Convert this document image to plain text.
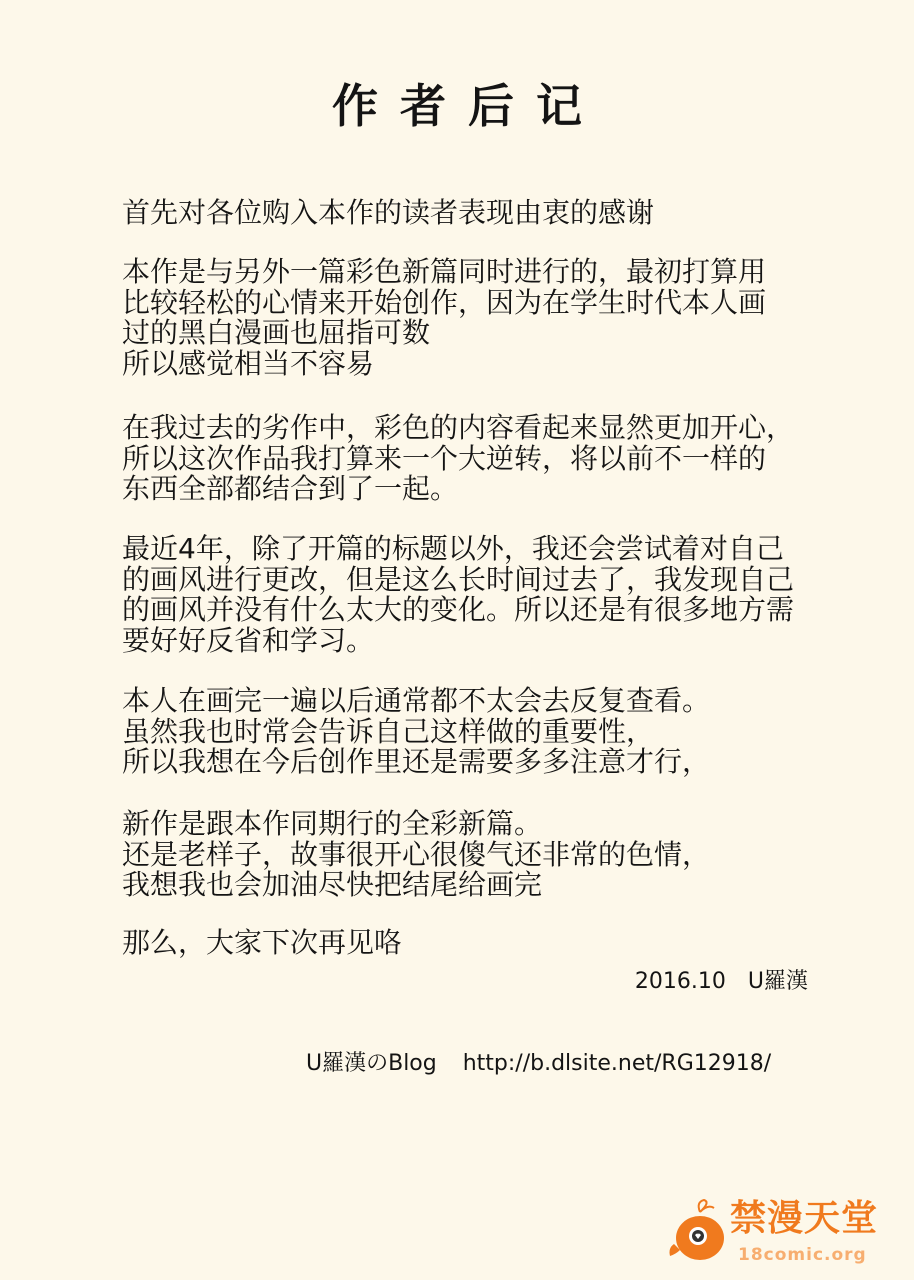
作者后记
首先对各位购入本作的读者表现由衷的感谢
本作是与另外一篇彩色新篇同时进行的，最初打算用
比较轻松的心情来开始创作，因为在学生时代本人画
过的黑白漫画也屈指可数
所以感觉相当不容易
在我过去的劣作中，彩色的内容看起来显然更加开心，
所以这次作品我打算来一个大逆转，将以前不一样的
东西全部都结合到了一起。
最近4年，除了开篇的标题以外，我还会尝试着对自己
的画风进行更改，但是这么长时间过去了，我发现自己
的画风并没有什么太大的变化。所以还是有很多地方需
要好好反省和学习。
本人在画完一遍以后通常都不太会去反复查看。
虽然我也时常会告诉自己这样做的重要性，
所以我想在今后创作里还是需要多多注意才行，
新作是跟本作同期行的全彩新篇。
还是老样子，故事很开心很傻气还非常的色情，
我想我也会加油尽快把结尾给画完
那么，大家下次再见咯
2016.10　U羅漢
U羅漢のBlog http://b.dlsite.net/RG12918/
禁漫天堂
18comic.org
